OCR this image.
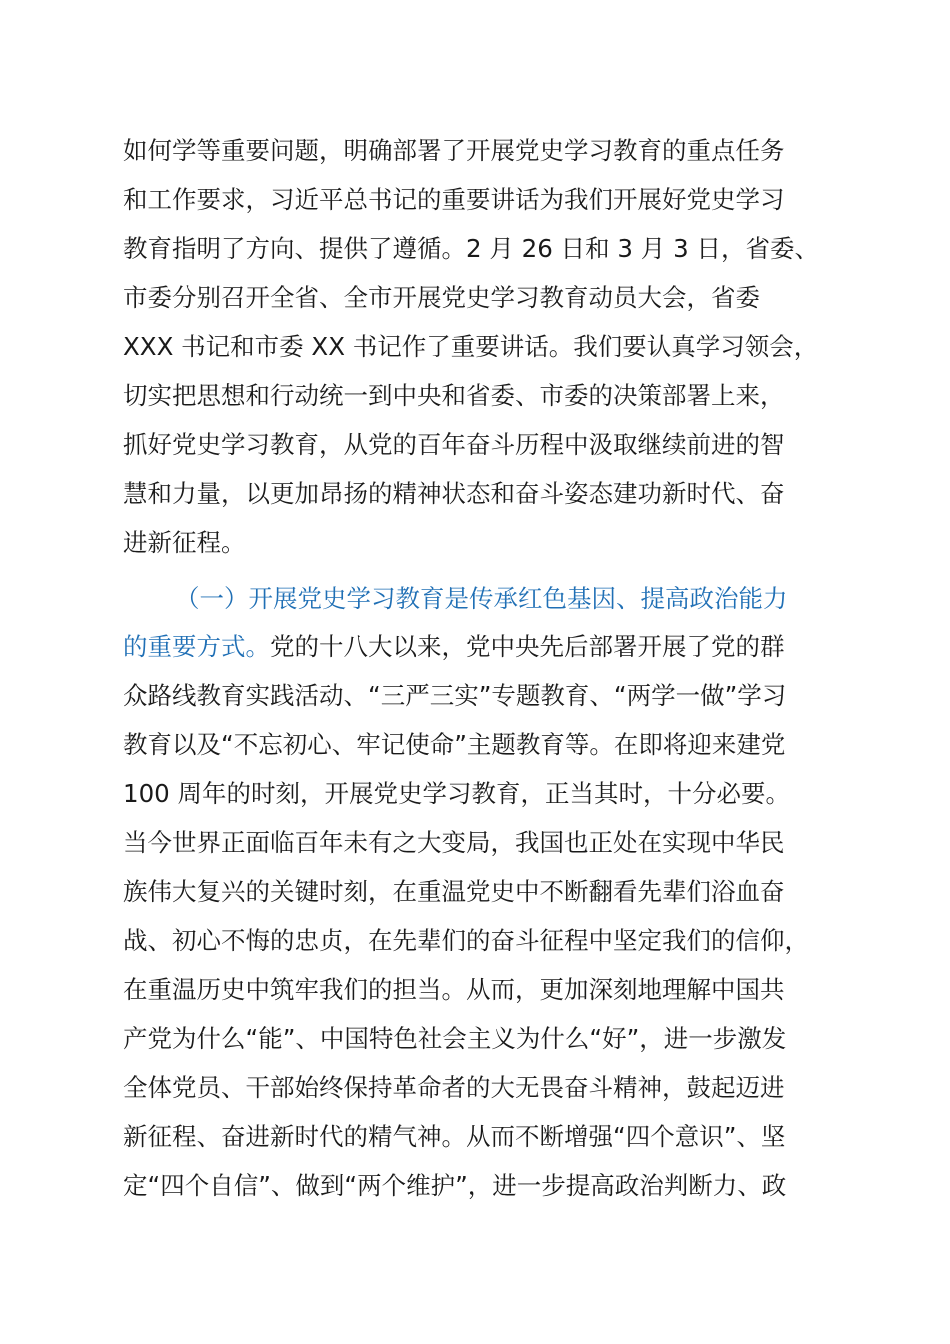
如何学等重要问题，明确部署了开展党史学习教育的重点任务
和工作要求，习近平总书记的重要讲话为我们开展好党史学习
教育指明了方向、提供了遵循。2 月 26 日和 3 月 3 日，省委、
市委分别召开全省、全市开展党史学习教育动员大会，省委
XXX 书记和市委 XX 书记作了重要讲话。我们要认真学习领会，
切实把思想和行动统一到中央和省委、市委的决策部署上来，
抓好党史学习教育，从党的百年奋斗历程中汲取继续前进的智
慧和力量，以更加昂扬的精神状态和奋斗姿态建功新时代、奋
进新征程。
（一）开展党史学习教育是传承红色基因、提高政治能力
的重要方式。党的十八大以来，党中央先后部署开展了党的群
众路线教育实践活动、“三严三实”专题教育、“两学一做”学习
教育以及“不忘初心、牢记使命”主题教育等。在即将迎来建党
100 周年的时刻，开展党史学习教育，正当其时，十分必要。
当今世界正面临百年未有之大变局，我国也正处在实现中华民
族伟大复兴的关键时刻，在重温党史中不断翻看先辈们浴血奋
战、初心不悔的忠贞，在先辈们的奋斗征程中坚定我们的信仰，
在重温历史中筑牢我们的担当。从而，更加深刻地理解中国共
产党为什么“能”、中国特色社会主义为什么“好”，进一步激发
全体党员、干部始终保持革命者的大无畏奋斗精神，鼓起迈进
新征程、奋进新时代的精气神。从而不断增强“四个意识”、坚
定“四个自信”、做到“两个维护”，进一步提高政治判断力、政
